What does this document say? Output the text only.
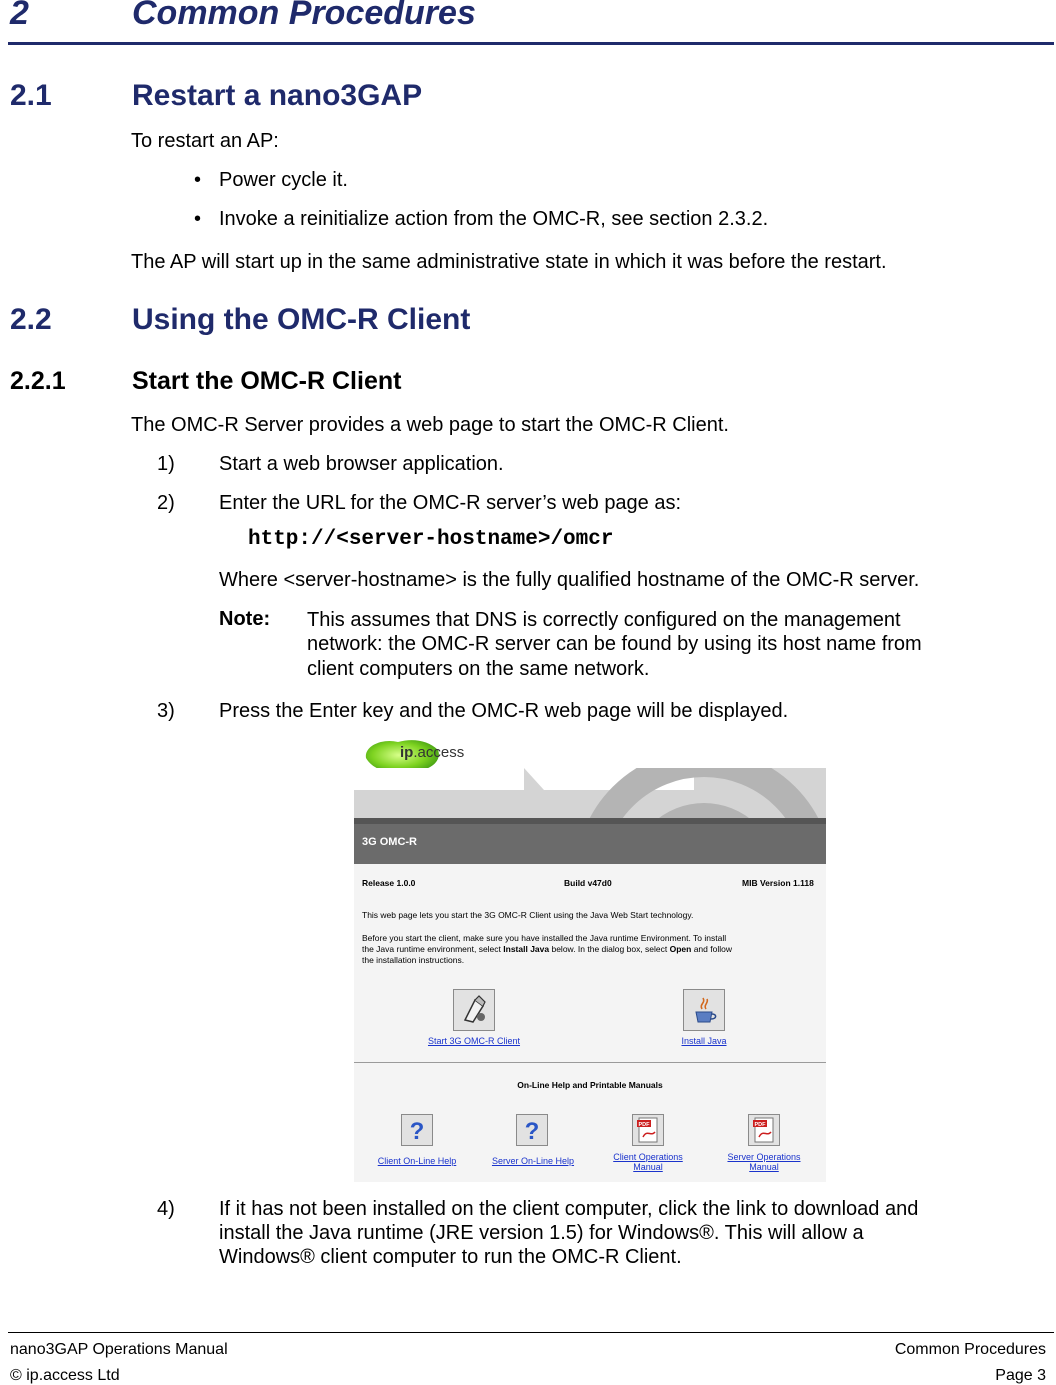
2	Common Procedures
2.1	Restart a nano3GAP
To restart an AP:
• Power cycle it.
• Invoke a reinitialize action from the OMC-R, see section 2.3.2.
The AP will start up in the same administrative state in which it was before the restart.
2.2	Using the OMC-R Client
2.2.1	Start the OMC-R Client
The OMC-R Server provides a web page to start the OMC-R Client.
1) Start a web browser application.
2) Enter the URL for the OMC-R server’s web page as:
http://<server-hostname>/omcr
Where <server-hostname> is the fully qualified hostname of the OMC-R server.
Note: This assumes that DNS is correctly configured on the management
network: the OMC-R server can be found by using its host name from
client computers on the same network.
3) Press the Enter key and the OMC-R web page will be displayed.
ip.access
3G OMC-R
Release 1.0.0	Build v47d0	MIB Version 1.118
This web page lets you start the 3G OMC-R Client using the Java Web Start technology.
Before you start the client, make sure you have installed the Java runtime Environment. To install
the Java runtime environment, select Install Java below. In the dialog box, select Open and follow
the installation instructions.
Start 3G OMC-R Client	Install Java
On-Line Help and Printable Manuals
?
Client On-Line Help
?
Server On-Line Help
PDF
Client Operations
Manual
PDF
Server Operations
Manual
4) If it has not been installed on the client computer, click the link to download and
install the Java runtime (JRE version 1.5) for Windows®. This will allow a
Windows® client computer to run the OMC-R Client.
nano3GAP Operations Manual	Common Procedures
© ip.access Ltd	Page 3
